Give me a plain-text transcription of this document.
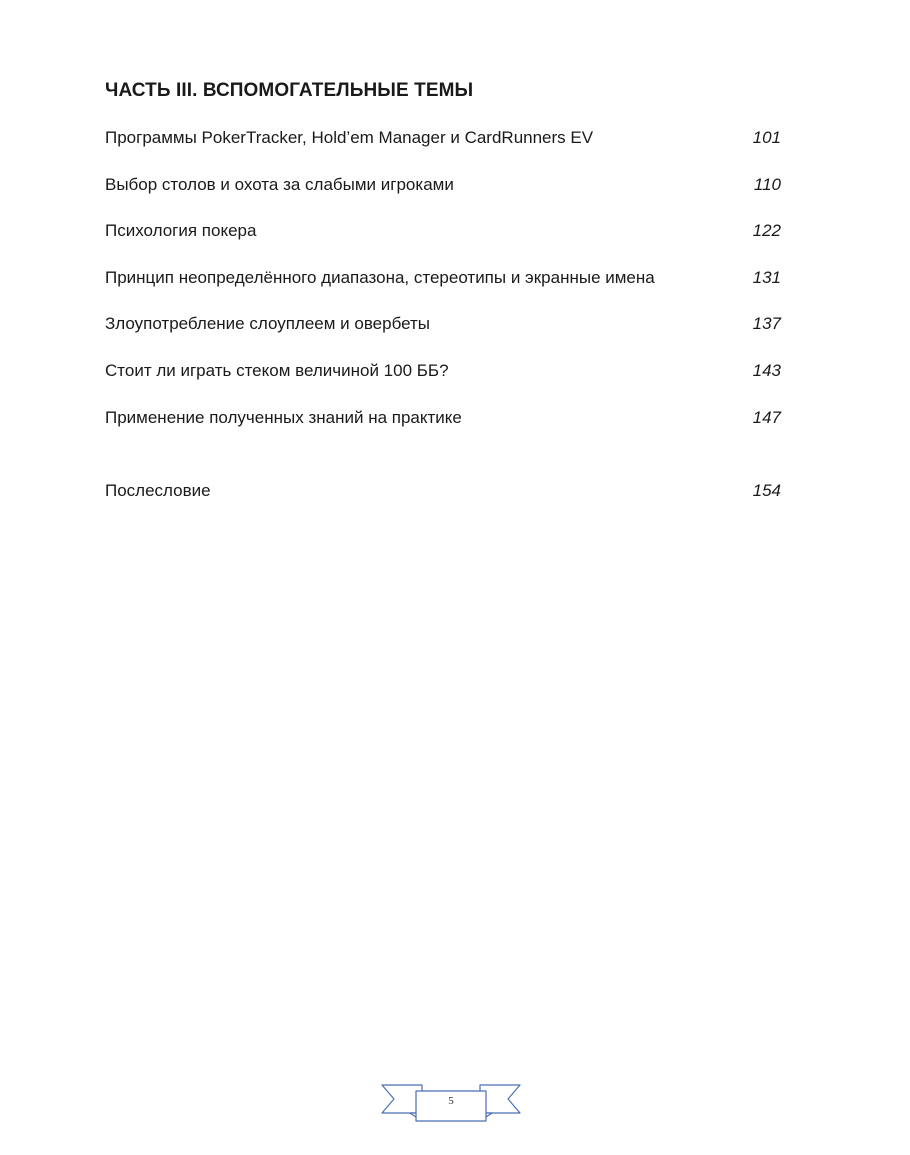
ЧАСТЬ III. ВСПОМОГАТЕЛЬНЫЕ ТЕМЫ
Программы PokerTracker, Hold’em Manager и CardRunners EV	101
Выбор столов и охота за слабыми игроками	110
Психология покера	122
Принцип неопределённого диапазона, стереотипы и экранные имена	131
Злоупотребление слоуплеем и овербеты	137
Стоит ли играть стеком величиной 100 ББ?	143
Применение полученных знаний на практике	147
Послесловие	154
5
